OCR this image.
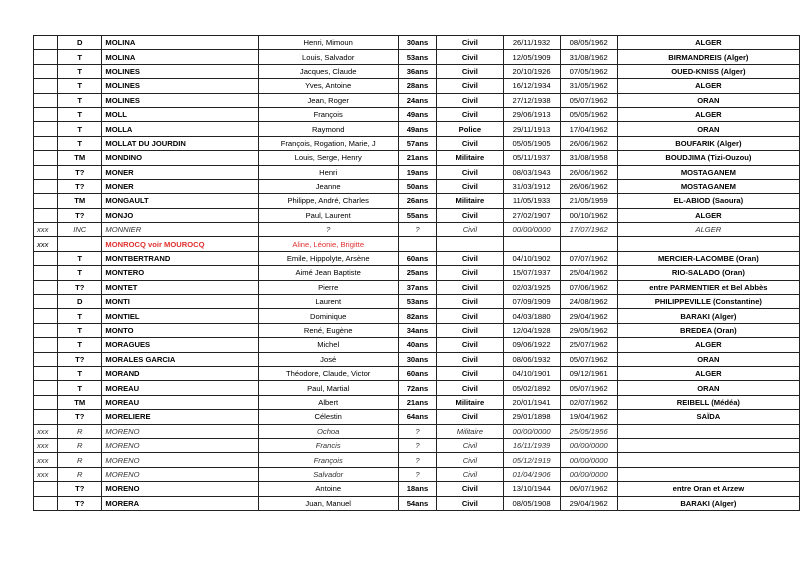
	D	MOLINA	Henri, Mimoun	30ans	Civil	26/11/1932	08/05/1962	ALGER
	T	MOLINA	Louis, Salvador	53ans	Civil	12/05/1909	31/08/1962	BIRMANDREIS (Alger)
	T	MOLINES	Jacques, Claude	36ans	Civil	20/10/1926	07/05/1962	OUED-KNISS (Alger)
	T	MOLINES	Yves, Antoine	28ans	Civil	16/12/1934	31/05/1962	ALGER
	T	MOLINES	Jean, Roger	24ans	Civil	27/12/1938	05/07/1962	ORAN
	T	MOLL	François	49ans	Civil	29/06/1913	05/05/1962	ALGER
	T	MOLLA	Raymond	49ans	Police	29/11/1913	17/04/1962	ORAN
	T	MOLLAT DU JOURDIN	François, Rogation, Marie, J	57ans	Civil	05/05/1905	26/06/1962	BOUFARIK (Alger)
	TM	MONDINO	Louis, Serge, Henry	21ans	Militaire	05/11/1937	31/08/1958	BOUDJIMA (Tizi-Ouzou)
	T?	MONER	Henri	19ans	Civil	08/03/1943	26/06/1962	MOSTAGANEM
	T?	MONER	Jeanne	50ans	Civil	31/03/1912	26/06/1962	MOSTAGANEM
	TM	MONGAULT	Philippe, André, Charles	26ans	Militaire	11/05/1933	21/05/1959	EL-ABIOD (Saoura)
	T?	MONJO	Paul, Laurent	55ans	Civil	27/02/1907	00/10/1962	ALGER
xxx	INC	MONNIER	?	?	Civil	00/00/0000	17/07/1962	ALGER
xxx		MONROCQ voir MOUROCQ	Aline, Léonie, Brigitte					
	T	MONTBERTRAND	Emile, Hippolyte, Arsène	60ans	Civil	04/10/1902	07/07/1962	MERCIER-LACOMBE (Oran)
	T	MONTERO	Aimé Jean Baptiste	25ans	Civil	15/07/1937	25/04/1962	RIO-SALADO (Oran)
	T?	MONTET	Pierre	37ans	Civil	02/03/1925	07/06/1962	entre PARMENTIER et Bel Abbès
	D	MONTI	Laurent	53ans	Civil	07/09/1909	24/08/1962	PHILIPPEVILLE (Constantine)
	T	MONTIEL	Dominique	82ans	Civil	04/03/1880	29/04/1962	BARAKI (Alger)
	T	MONTO	René, Eugène	34ans	Civil	12/04/1928	29/05/1962	BREDEA (Oran)
	T	MORAGUES	Michel	40ans	Civil	09/06/1922	25/07/1962	ALGER
	T?	MORALES GARCIA	José	30ans	Civil	08/06/1932	05/07/1962	ORAN
	T	MORAND	Théodore, Claude, Victor	60ans	Civil	04/10/1901	09/12/1961	ALGER
	T	MOREAU	Paul, Martial	72ans	Civil	05/02/1892	05/07/1962	ORAN
	TM	MOREAU	Albert	21ans	Militaire	20/01/1941	02/07/1962	REIBELL (Médéa)
	T?	MORELIERE	Célestin	64ans	Civil	29/01/1898	19/04/1962	SAÏDA
xxx	R	MORENO	Ochoa	?	Militaire	00/00/0000	25/05/1956	
xxx	R	MORENO	Francis	?	Civil	16/11/1939	00/00/0000	
xxx	R	MORENO	François	?	Civil	05/12/1919	00/00/0000	
xxx	R	MORENO	Salvador	?	Civil	01/04/1906	00/00/0000	
	T?	MORENO	Antoine	18ans	Civil	13/10/1944	06/07/1962	entre Oran et Arzew
	T?	MORERA	Juan, Manuel	54ans	Civil	08/05/1908	29/04/1962	BARAKI (Alger)
